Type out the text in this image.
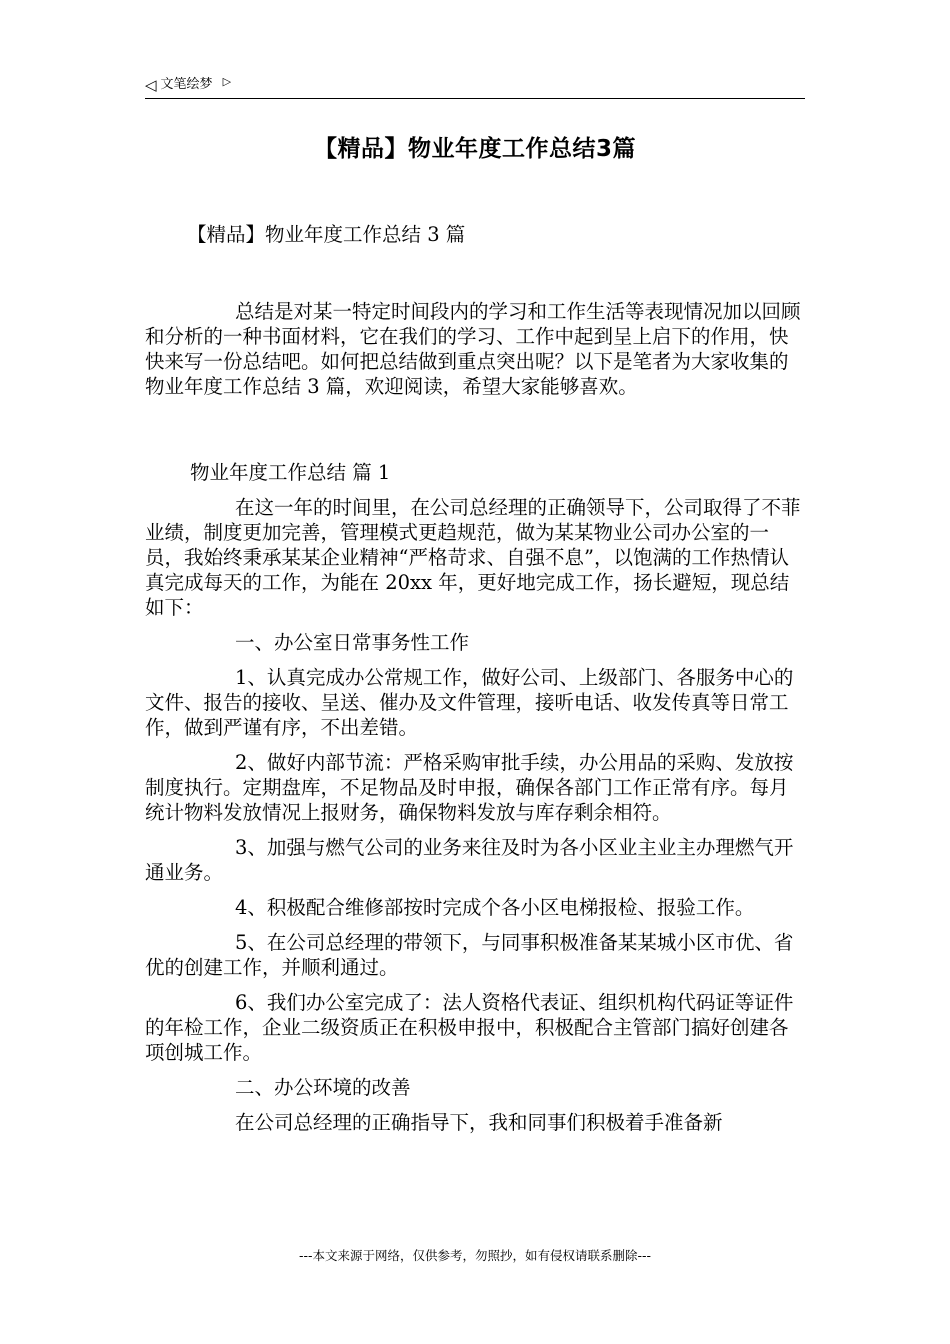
◁ 文笔绘梦 ▷
【精品】物业年度工作总结3篇

【精品】物业年度工作总结 3 篇

总结是对某一特定时间段内的学习和工作生活等表现情况加以回顾和分析的一种书面材料，它在我们的学习、工作中起到呈上启下的作用，快快来写一份总结吧。如何把总结做到重点突出呢？以下是笔者为大家收集的物业年度工作总结 3 篇，欢迎阅读，希望大家能够喜欢。

物业年度工作总结 篇 1

在这一年的时间里，在公司总经理的正确领导下，公司取得了不菲业绩，制度更加完善，管理模式更趋规范，做为某某物业公司办公室的一员，我始终秉承某某企业精神“严格苛求、自强不息”，以饱满的工作热情认真完成每天的工作，为能在 20xx 年，更好地完成工作，扬长避短，现总结如下：

一、办公室日常事务性工作

1、认真完成办公常规工作，做好公司、上级部门、各服务中心的文件、报告的接收、呈送、催办及文件管理，接听电话、收发传真等日常工作，做到严谨有序，不出差错。

2、做好内部节流：严格采购审批手续，办公用品的采购、发放按制度执行。定期盘库，不足物品及时申报，确保各部门工作正常有序。每月统计物料发放情况上报财务，确保物料发放与库存剩余相符。

3、加强与燃气公司的业务来往及时为各小区业主业主办理燃气开通业务。

4、积极配合维修部按时完成个各小区电梯报检、报验工作。

5、在公司总经理的带领下，与同事积极准备某某城小区市优、省优的创建工作，并顺利通过。

6、我们办公室完成了：法人资格代表证、组织机构代码证等证件的年检工作，企业二级资质正在积极申报中，积极配合主管部门搞好创建各项创城工作。

二、办公环境的改善

在公司总经理的正确指导下，我和同事们积极着手准备新

---本文来源于网络，仅供参考，勿照抄，如有侵权请联系删除---
